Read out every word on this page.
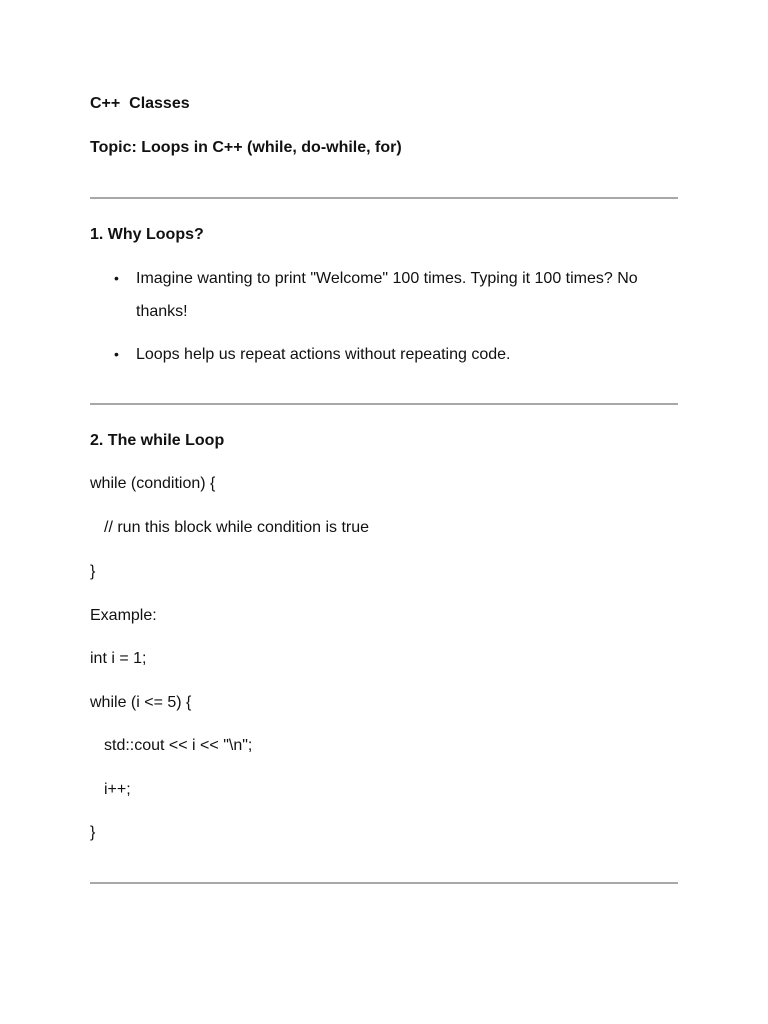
C++  Classes
Topic: Loops in C++ (while, do-while, for)
1. Why Loops?
• Imagine wanting to print "Welcome" 100 times. Typing it 100 times? No thanks!
• Loops help us repeat actions without repeating code.
2. The while Loop
while (condition) {
// run this block while condition is true
}
Example:
int i = 1;
while (i <= 5) {
std::cout << i << "\n";
i++;
}
